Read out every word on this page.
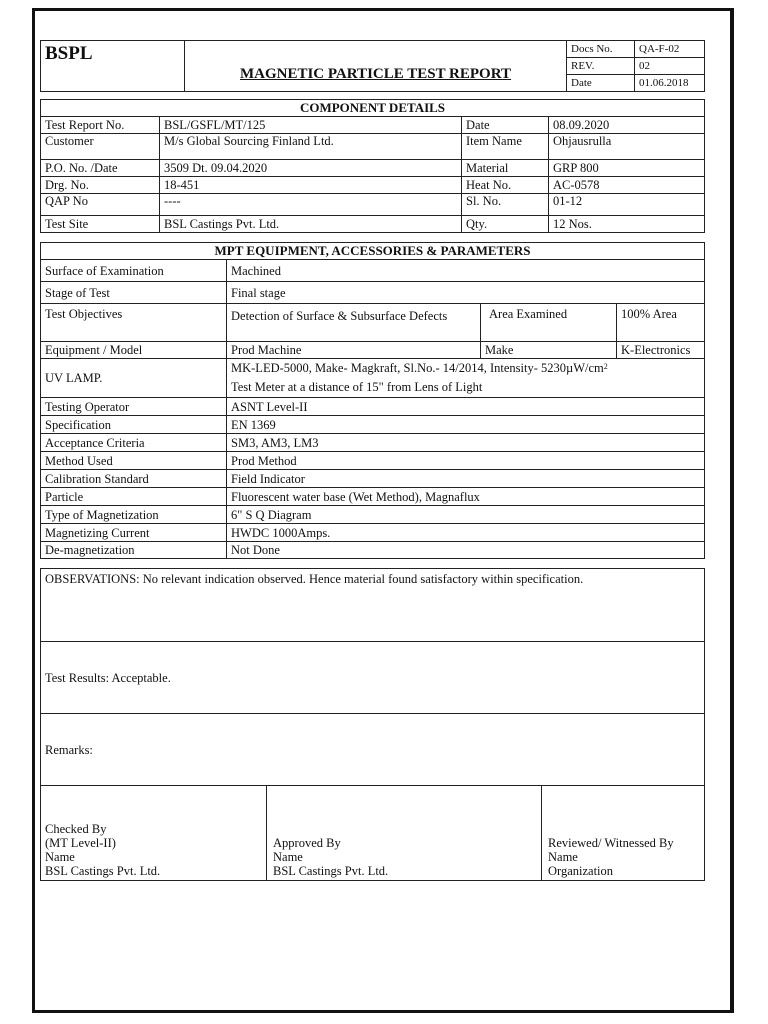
BSPL	MAGNETIC PARTICLE TEST REPORT	Docs No.	QA-F-02
		REV.	02
		Date	01.06.2018
COMPONENT DETAILS			
Test Report No.	BSL/GSFL/MT/125	Date	08.09.2020
Customer	M/s Global Sourcing Finland Ltd.	Item Name	Ohjausrulla
P.O. No. /Date	3509 Dt. 09.04.2020	Material	GRP 800
Drg. No.	18-451	Heat No.	AC-0578
QAP No	----	Sl. No.	01-12
Test Site	BSL Castings Pvt. Ltd.	Qty.	12 Nos.
MPT EQUIPMENT, ACCESSORIES & PARAMETERS			
Surface of Examination	Machined		
Stage of Test	Final stage		
Test Objectives	Detection of Surface & Subsurface Defects	Area Examined	100% Area
Equipment / Model	Prod Machine	Make	K-Electronics
UV LAMP.	MK-LED-5000, Make- Magkraft, Sl.No.- 14/2014, Intensity- $5230\mu W/cm^2$
Test Meter at a distance of 15" from Lens of Light		
Testing Operator	ASNT Level-II		
Specification	EN 1369		
Acceptance Criteria	SM3, AM3, LM3		
Method Used	Prod Method		
Calibration Standard	Field Indicator		
Particle	Fluorescent water base (Wet Method), Magnaflux		
Type of Magnetization	6" S Q Diagram		
Magnetizing Current	HWDC 1000Amps.		
De-magnetization	Not Done		
OBSERVATIONS: No relevant indication observed. Hence material found satisfactory within specification.
Test Results: Acceptable.
Remarks:

Checked By
(MT Level-II)
Name
BSL Castings Pvt. Ltd.

Approved By
Name
BSL Castings Pvt. Ltd.

Reviewed/ Witnessed By
Name
Organization
